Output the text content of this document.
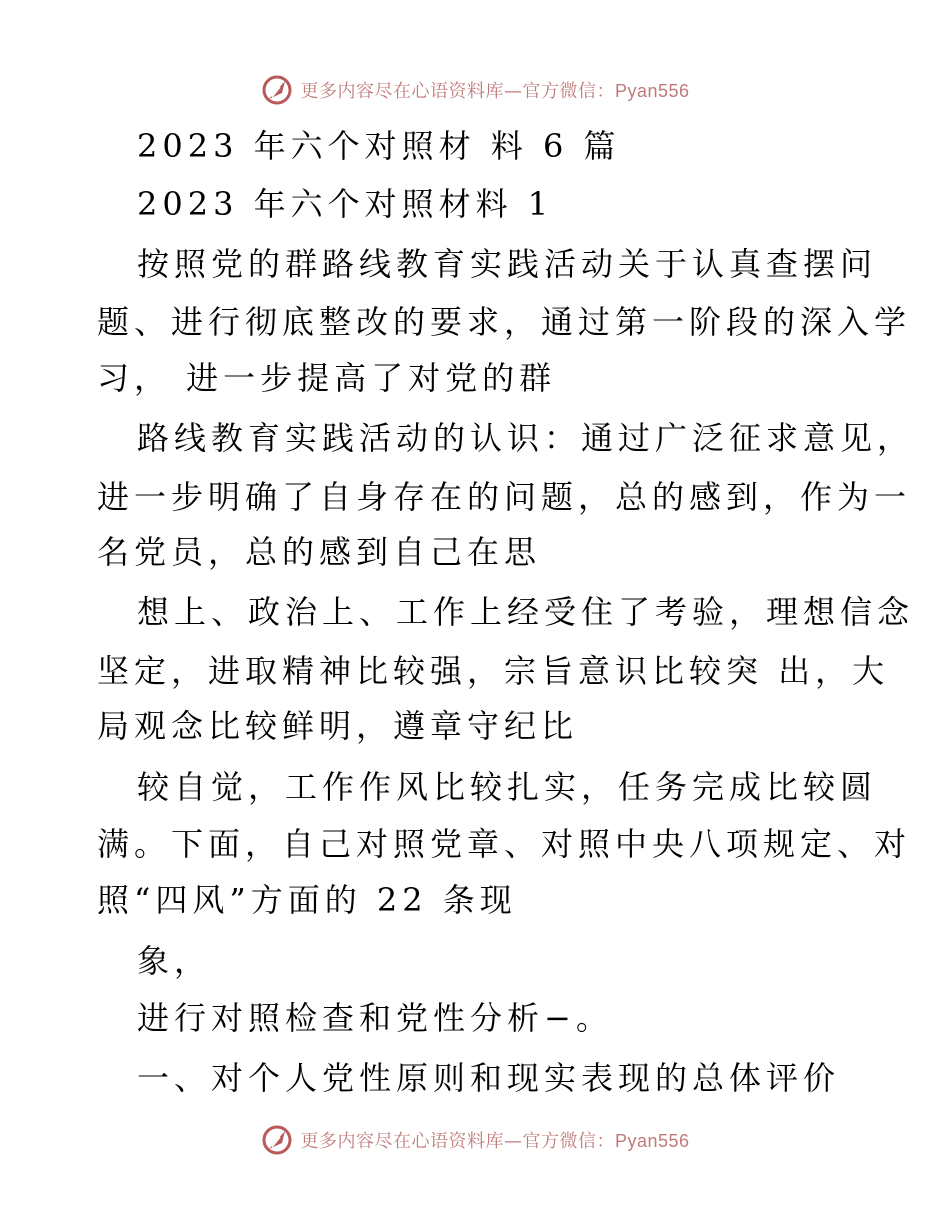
更多内容尽在心语资料库—官方微信：Pyan556
2023 年六个对照材 料 6 篇
2023 年六个对照材料 1
按照党的群路线教育实践活动关于认真查摆问
题、进行彻底整改的要求，通过第一阶段的深入学
习， 进一步提高了对党的群
路线教育实践活动的认识：通过广泛征求意见，
进一步明确了自身存在的问题，总的感到，作为一
名党员，总的感到自己在思
想上、政治上、工作上经受住了考验，理想信念
坚定，进取精神比较强，宗旨意识比较突 出，大
局观念比较鲜明，遵章守纪比
较自觉，工作作风比较扎实，任务完成比较圆
满。下面，自己对照党章、对照中央八项规定、对
照“四风”方面的 22 条现
象，
进行对照检查和党性分析−。
一、对个人党性原则和现实表现的总体评价
更多内容尽在心语资料库—官方微信：Pyan556
